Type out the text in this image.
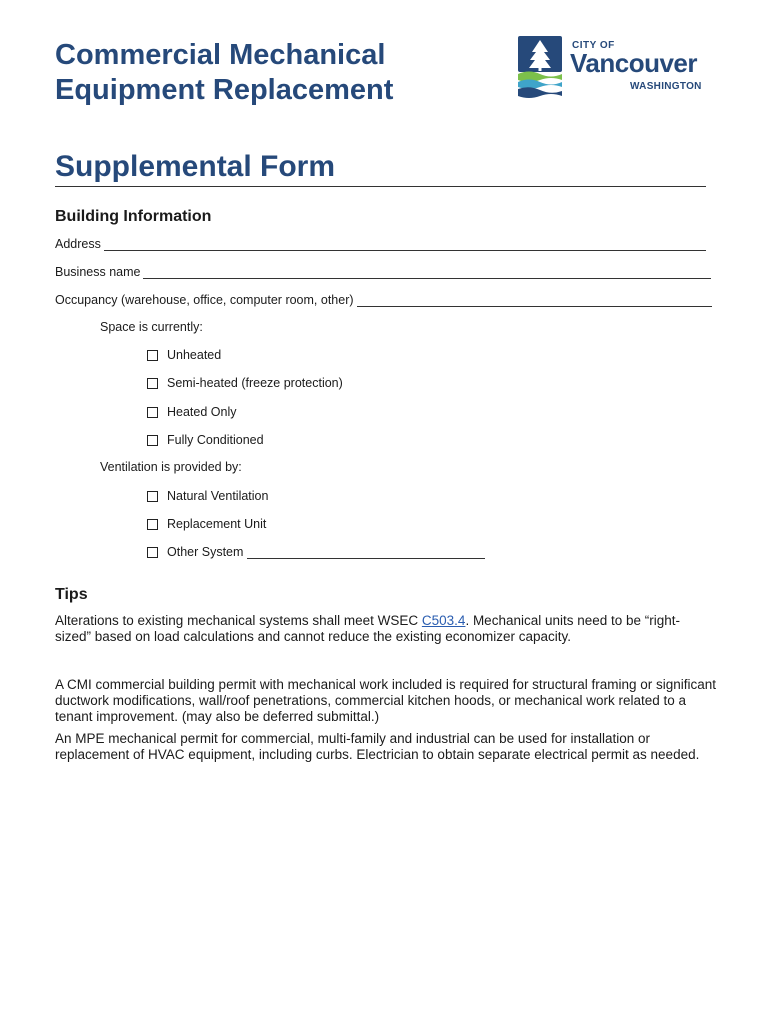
Commercial Mechanical
Equipment Replacement
CITY OF
Vancouver
WASHINGTON
Supplemental Form
Building Information
Address
Business name
Occupancy (warehouse, office, computer room, other)
Space is currently:
Unheated
Semi-heated (freeze protection)
Heated Only
Fully Conditioned
Ventilation is provided by:
Natural Ventilation
Replacement Unit
Other System
Tips

Alterations to existing mechanical systems shall meet WSEC C503.4. Mechanical units need to be “right-sized” based on load calculations and cannot reduce the existing economizer capacity.

A CMI commercial building permit with mechanical work included is required for structural framing or significant ductwork modifications, wall/roof penetrations, commercial kitchen hoods, or mechanical work related to a tenant improvement. (may also be deferred submittal.)

An MPE mechanical permit for commercial, multi-family and industrial can be used for installation or replacement of HVAC equipment, including curbs. Electrician to obtain separate electrical permit as needed.
